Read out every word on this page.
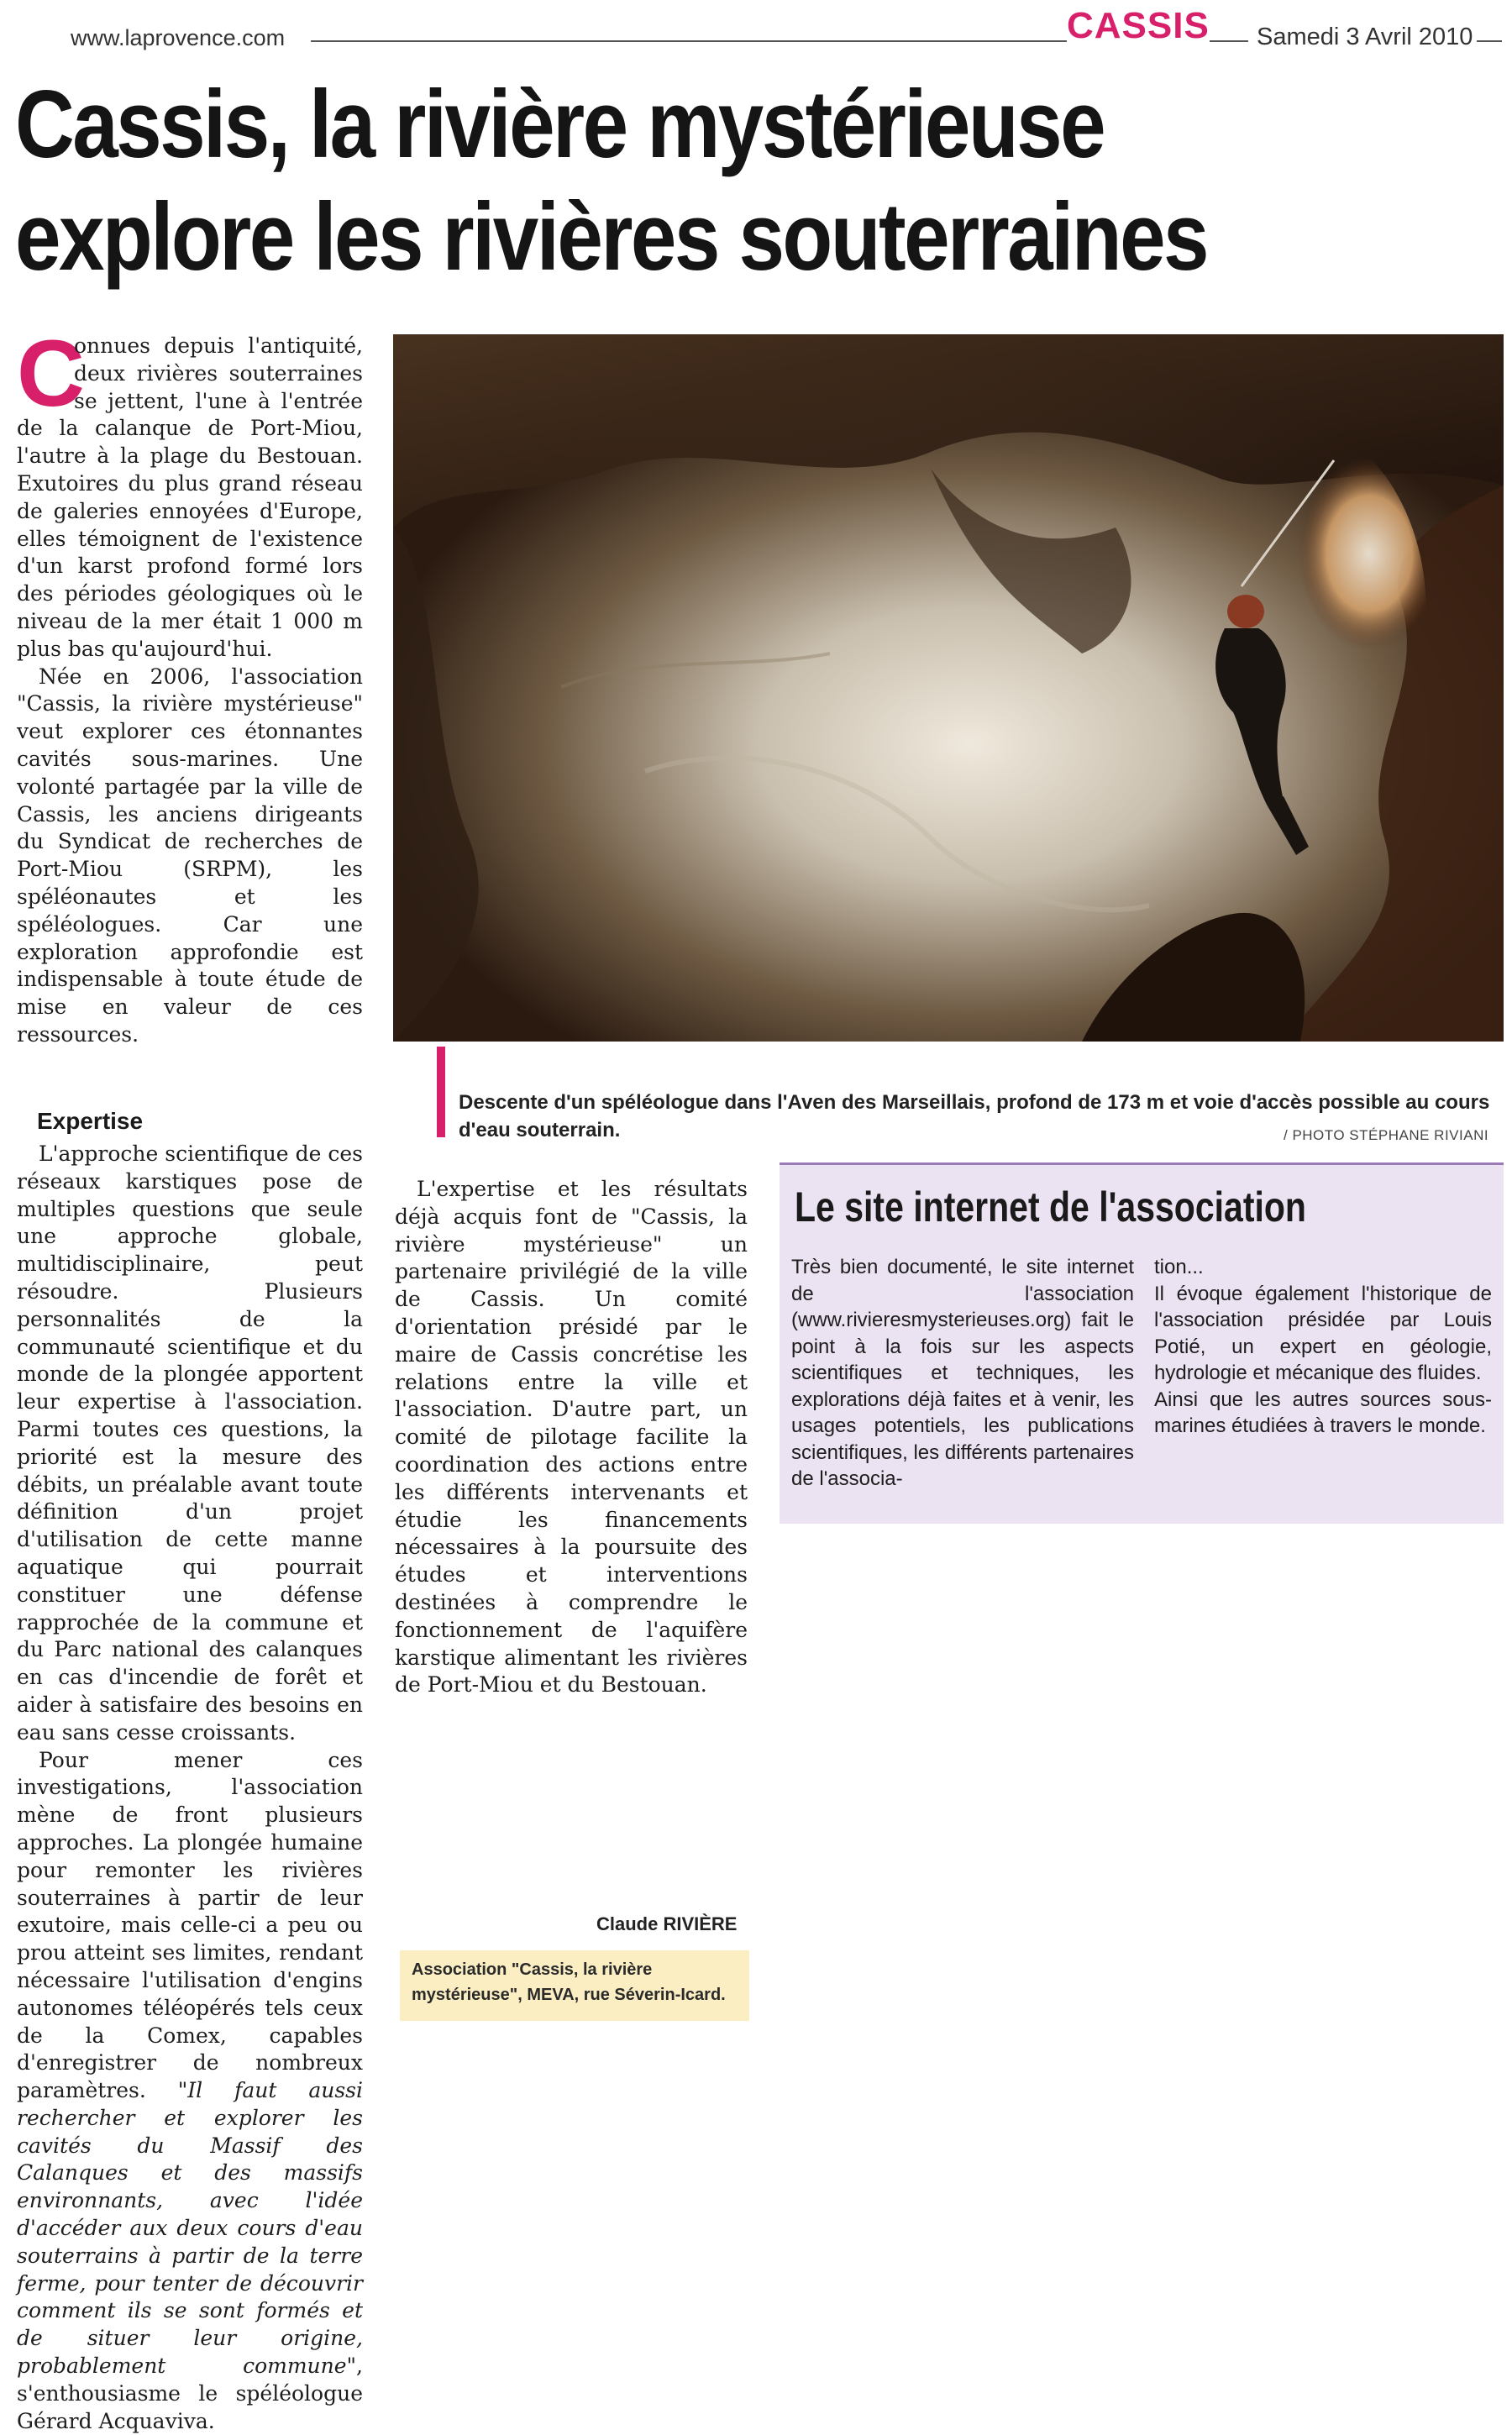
www.laprovence.com	CASSIS Samedi 3 Avril 2010
Cassis, la rivière mystérieuse
explore les rivières souterraines

C
onnues depuis l'antiquité, deux rivières souterraines se jettent, l'une à l'entrée de la calanque de Port-Miou, l'autre à la plage du Bestouan. Exutoires du plus grand réseau de galeries ennoyées d'Europe, elles témoignent de l'existence d'un karst profond formé lors des périodes géologiques où le niveau de la mer était 1 000 m plus bas qu'aujourd'hui.

Née en 2006, l'association "Cassis, la rivière mystérieuse" veut explorer ces étonnantes cavités sous-marines. Une volonté partagée par la ville de Cassis, les anciens dirigeants du Syndicat de recherches de Port-Miou (SRPM), les spéléonautes et les spéléologues. Car une exploration approfondie est indispensable à toute étude de mise en valeur de ces ressources.

Expertise

L'approche scientifique de ces réseaux karstiques pose de multiples questions que seule une approche globale, multidisciplinaire, peut résoudre. Plusieurs personnalités de la communauté scientifique et du monde de la plongée apportent leur expertise à l'association. Parmi toutes ces questions, la priorité est la mesure des débits, un préalable avant toute définition d'un projet d'utilisation de cette manne aquatique qui pourrait constituer une défense rapprochée de la commune et du Parc national des calanques en cas d'incendie de forêt et aider à satisfaire des besoins en eau sans cesse croissants.

Pour mener ces investigations, l'association mène de front plusieurs approches. La plongée humaine pour remonter les rivières souterraines à partir de leur exutoire, mais celle-ci a peu ou prou atteint ses limites, rendant nécessaire l'utilisation d'engins autonomes téléopérés tels ceux de la Comex, capables d'enregistrer de nombreux paramètres. "Il faut aussi rechercher et explorer les cavités du Massif des Calanques et des massifs environnants, avec l'idée d'accéder aux deux cours d'eau souterrains à partir de la terre ferme, pour tenter de découvrir comment ils se sont formés et de situer leur origine, probablement commune", s'enthousiasme le spéléologue Gérard Acquaviva.

L'expertise et les résultats déjà acquis font de "Cassis, la rivière mystérieuse" un partenaire privilégié de la ville de Cassis. Un comité d'orientation présidé par le maire de Cassis concrétise les relations entre la ville et l'association. D'autre part, un comité de pilotage facilite la coordination des actions entre les différents intervenants et étudie les financements nécessaires à la poursuite des études et interventions destinées à comprendre le fonctionnement de l'aquifère karstique alimentant les rivières de Port-Miou et du Bestouan.

Claude RIVIÈRE
Association "Cassis, la rivière mystérieuse", MEVA, rue Séverin-Icard.
Descente d'un spéléologue dans l'Aven des Marseillais, profond de 173 m et voie d'accès possible au cours d'eau souterrain.	/ PHOTO STÉPHANE RIVIANI
Le site internet de l'association
Très bien documenté, le site internet de l'association (www.rivieresmysterieuses.org) fait le point à la fois sur les aspects scientifiques et techniques, les explorations déjà faites et à venir, les usages potentiels, les publications scientifiques, les différents partenaires de l'associa-

tion...

Il évoque également l'historique de l'association présidée par Louis Potié, un expert en géologie, hydrologie et mécanique des fluides.

Ainsi que les autres sources sous-marines étudiées à travers le monde.
